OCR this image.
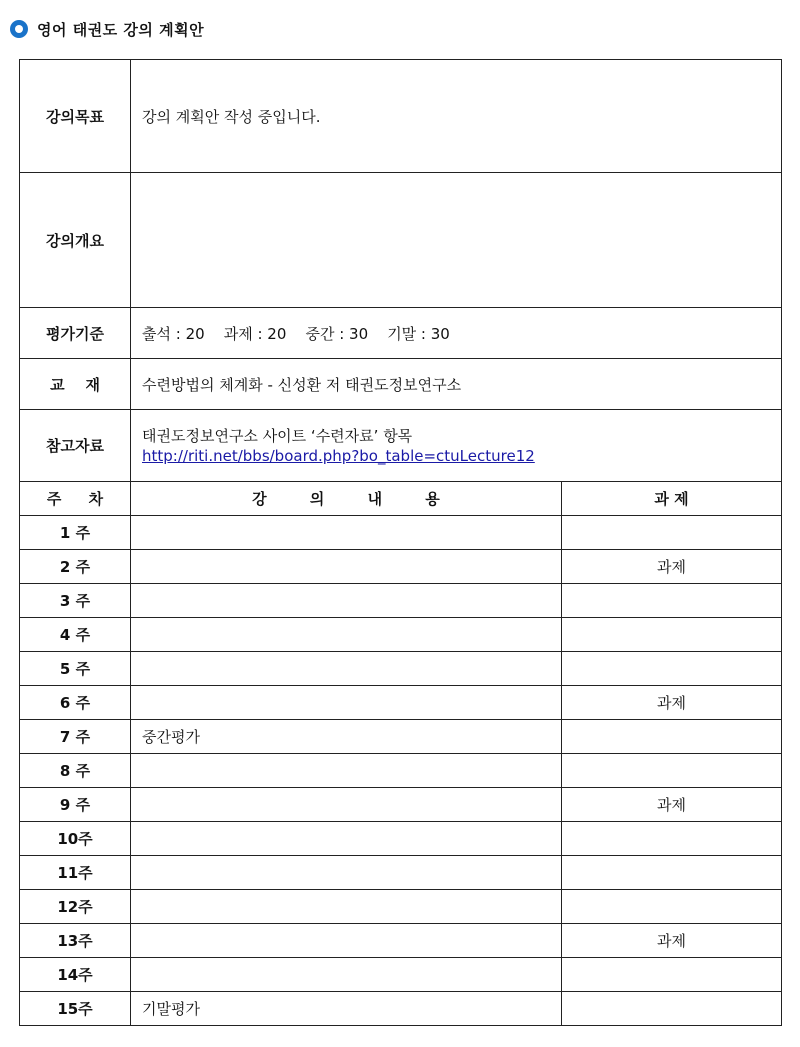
영어 태권도 강의 계획안
강의목표	강의 계획안 작성 중입니다.	
강의개요		
평가기준	출석 : 20    과제 : 20    중간 : 30    기말 : 30	
교    재	수련방법의 체계화 - 신성환 저 태권도정보연구소	
참고자료	태권도정보연구소 사이트 ‘수련자료’ 항목
http://riti.net/bbs/board.php?bo_table=ctuLecture12	

주 차	강 의 내 용	과 제
1 주		
2 주		과제
3 주		
4 주		
5 주		
6 주		과제
7 주	중간평가	
8 주		
9 주		과제
10주		
11주		
12주		
13주		과제
14주		
15주	기말평가	
